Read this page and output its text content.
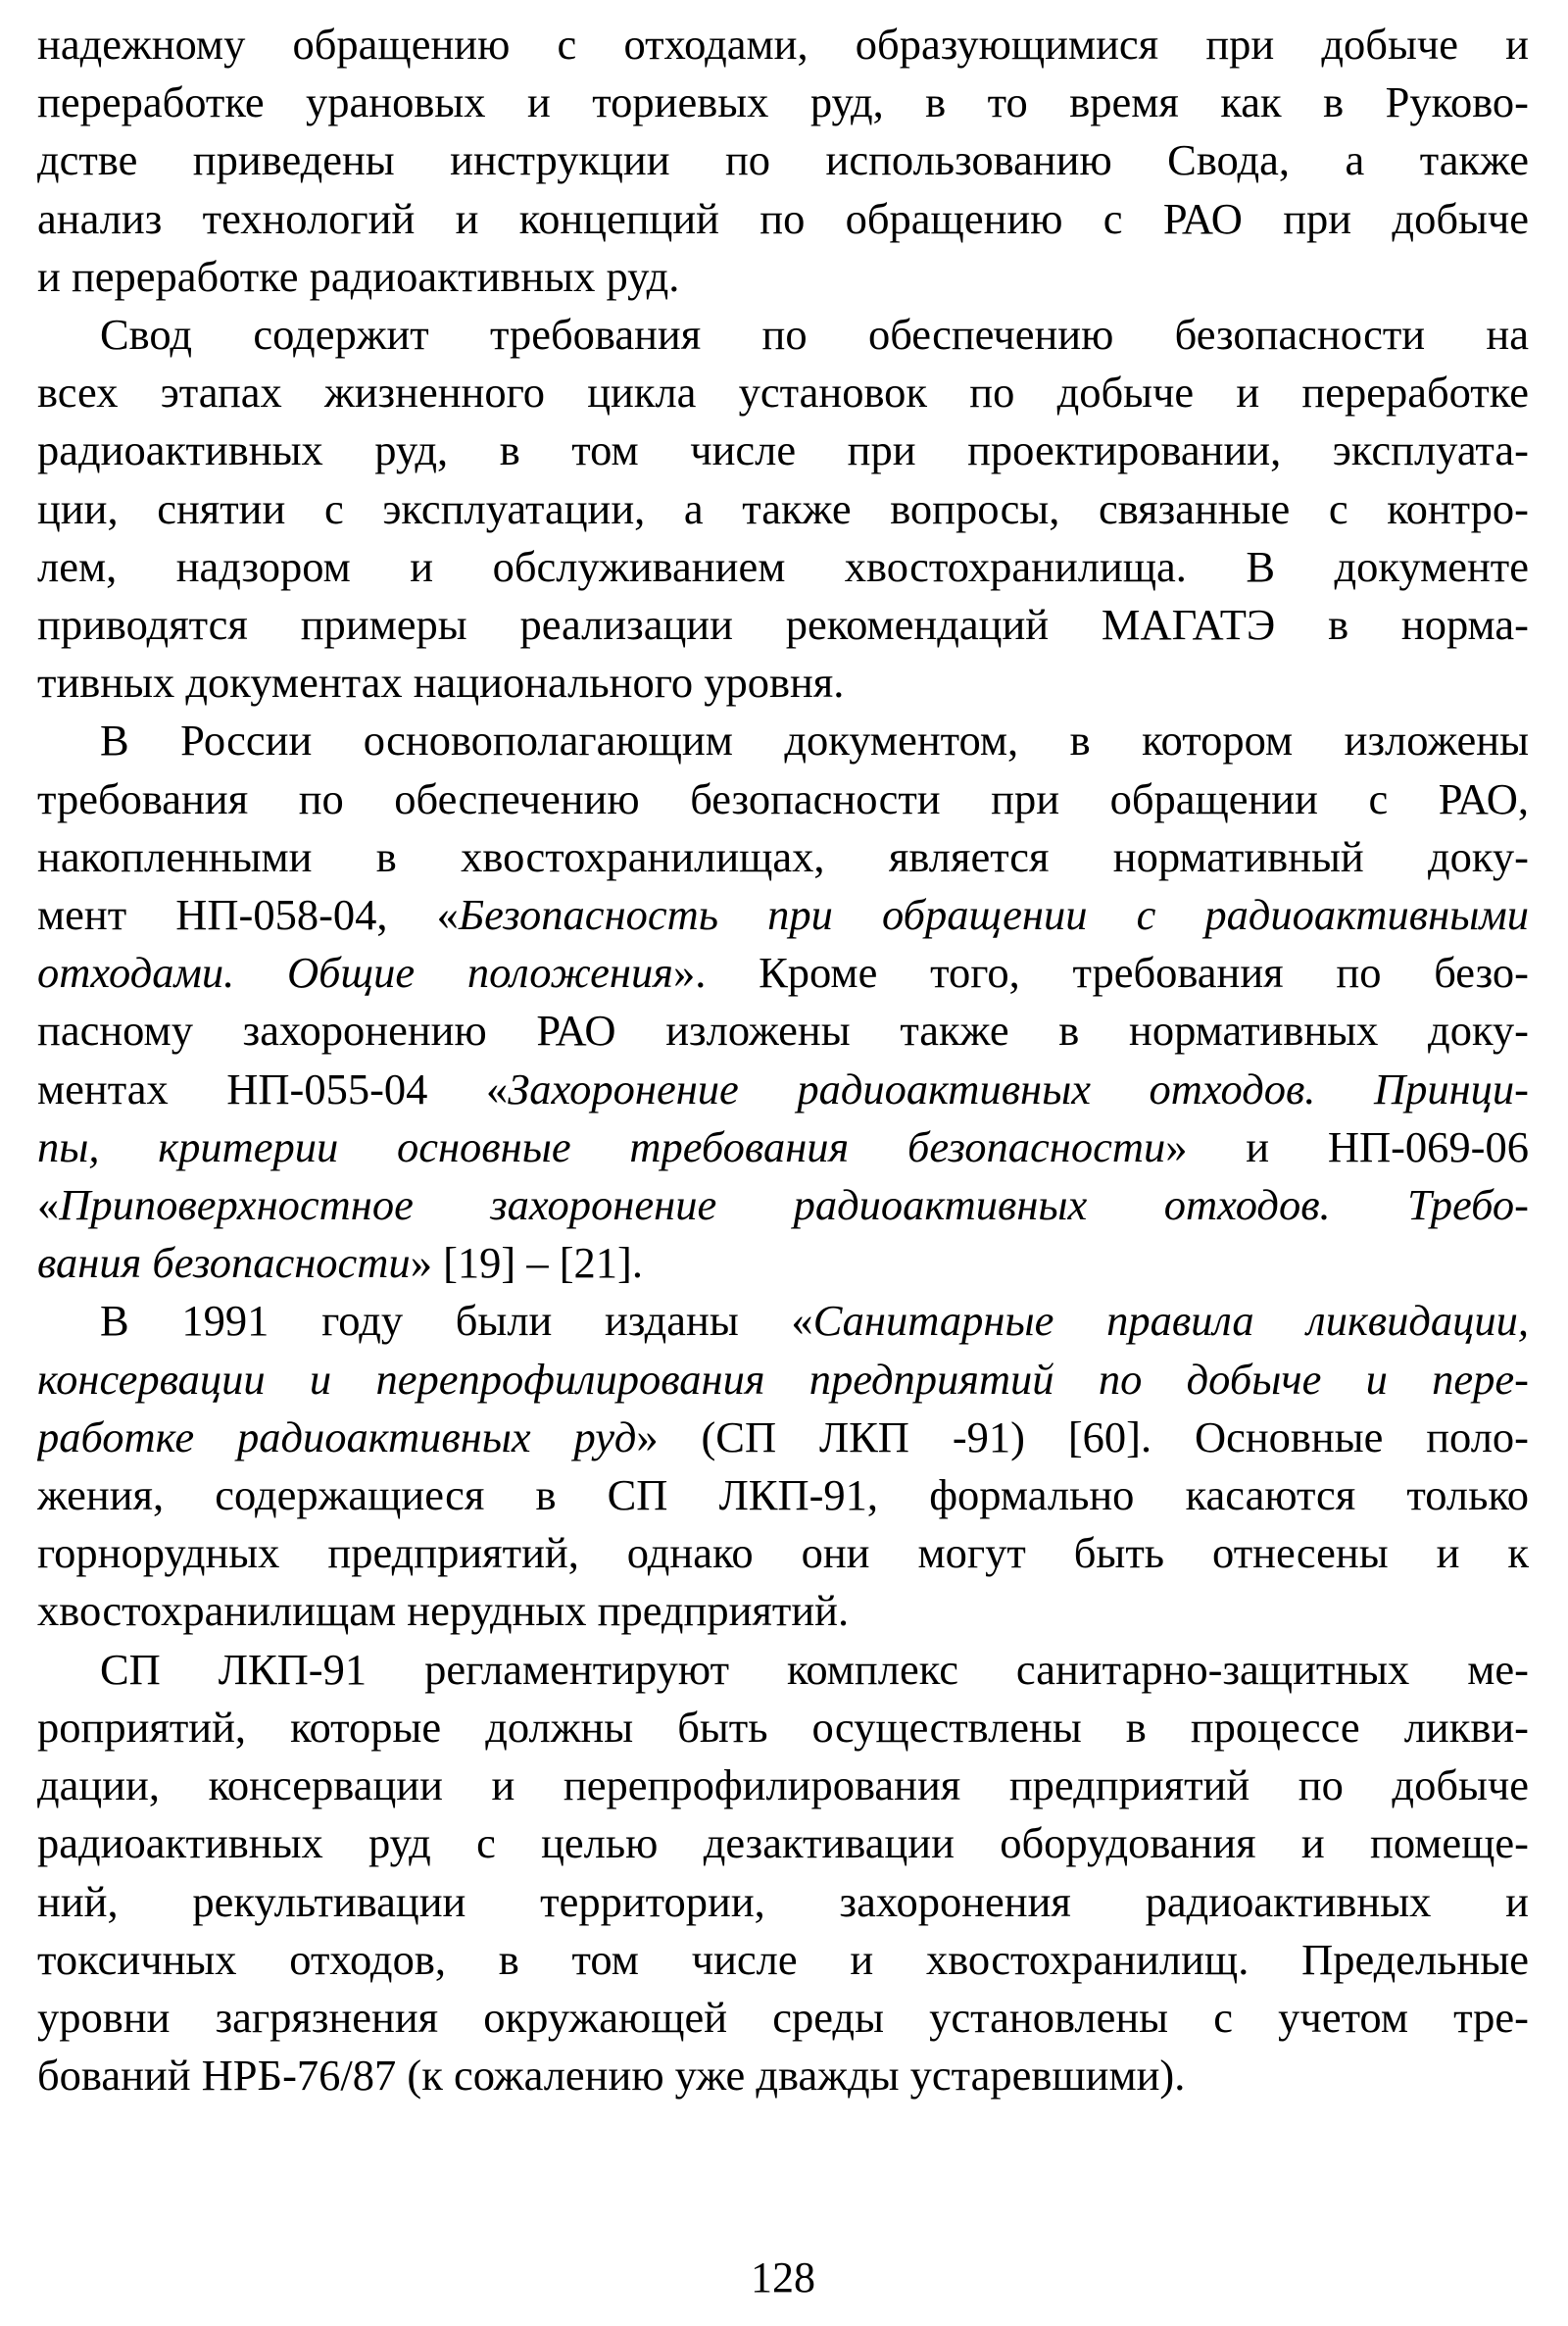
надежному обращению с отходами, образующимися при добыче и
переработке урановых и ториевых руд, в то время как в Руково-
дстве приведены инструкции по использованию Свода, а также
анализ технологий и концепций по обращению с РАО при добыче
и переработке радиоактивных руд.

Свод содержит требования по обеспечению безопасности на
всех этапах жизненного цикла установок по добыче и переработке
радиоактивных руд, в том числе при проектировании, эксплуата-
ции, снятии с эксплуатации, а также вопросы, связанные с контро-
лем, надзором и обслуживанием хвостохранилища. В документе
приводятся примеры реализации рекомендаций МАГАТЭ в норма-
тивных документах национального уровня.

В России основополагающим документом, в котором изложены
требования по обеспечению безопасности при обращении с РАО,
накопленными в хвостохранилищах, является нормативный доку-
мент НП-058-04, «Безопасность при обращении с радиоактивными
отходами. Общие положения». Кроме того, требования по безо-
пасному захоронению РАО изложены также в нормативных доку-
ментах НП-055-04 «Захоронение радиоактивных отходов. Принци-
пы, критерии основные требования безопасности» и НП-069-06
«Приповерхностное захоронение радиоактивных отходов. Требо-
вания безопасности» [19] – [21].

В 1991 году были изданы «Санитарные правила ликвидации,
консервации и перепрофилирования предприятий по добыче и пере-
работке радиоактивных руд» (СП ЛКП -91) [60]. Основные поло-
жения, содержащиеся в СП ЛКП-91, формально касаются только
горнорудных предприятий, однако они могут быть отнесены и к
хвостохранилищам нерудных предприятий.

СП ЛКП-91 регламентируют комплекс санитарно-защитных ме-
роприятий, которые должны быть осуществлены в процессе ликви-
дации, консервации и перепрофилирования предприятий по добыче
радиоактивных руд с целью дезактивации оборудования и помеще-
ний, рекультивации территории, захоронения радиоактивных и
токсичных отходов, в том числе и хвостохранилищ. Предельные
уровни загрязнения окружающей среды установлены с учетом тре-
бований НРБ-76/87 (к сожалению уже дважды устаревшими).

128
